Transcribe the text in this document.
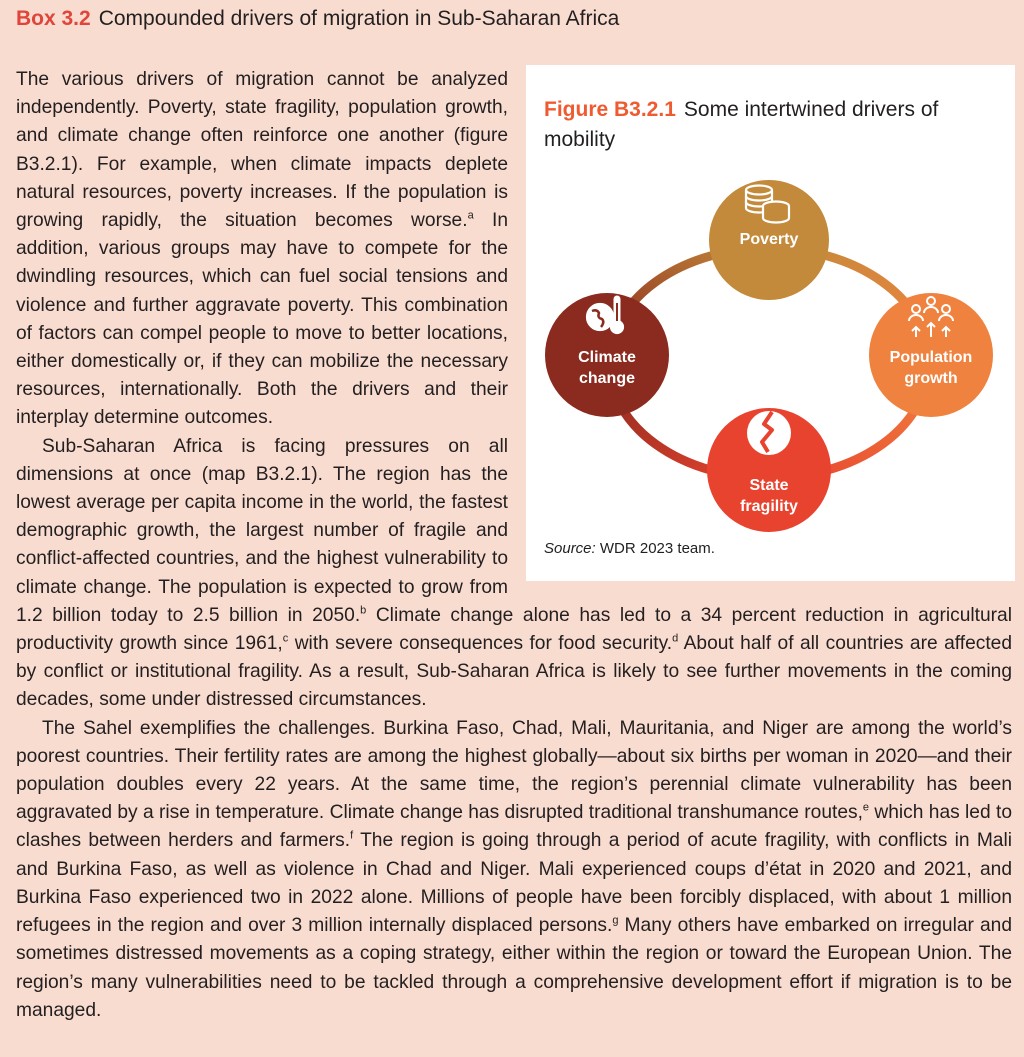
Box 3.2 Compounded drivers of migration in Sub-Saharan Africa
Figure B3.2.1 Some intertwined drivers of mobility
Poverty
Population
growth
State
fragility
Climate
change
Source: WDR 2023 team.

The various drivers of migration cannot be analyzed independently. Poverty, state fragility, population growth, and climate change often reinforce one another (figure B3.2.1). For example, when climate impacts deplete natural resources, poverty increases. If the population is growing rapidly, the situation becomes worse.$^a$ In addition, various groups may have to compete for the dwindling resources, which can fuel social tensions and violence and further aggravate poverty. This combination of factors can compel people to move to better locations, either domestically or, if they can mobilize the necessary resources, internationally. Both the drivers and their interplay determine outcomes.

Sub-Saharan Africa is facing pressures on all dimensions at once (map B3.2.1). The region has the lowest average per capita income in the world, the fastest demographic growth, the largest number of fragile and conflict-affected countries, and the highest vulnerability to climate change. The population is expected to grow from 1.2 billion today to 2.5 billion in 2050.$^b$ Climate change alone has led to a 34 percent reduction in agricultural productivity growth since 1961,$^c$ with severe consequences for food security.$^d$ About half of all countries are affected by conflict or institutional fragility. As a result, Sub-Saharan Africa is likely to see further movements in the coming decades, some under distressed circumstances.

The Sahel exemplifies the challenges. Burkina Faso, Chad, Mali, Mauritania, and Niger are among the world’s poorest countries. Their fertility rates are among the highest globally—about six births per woman in 2020—and their population doubles every 22 years. At the same time, the region’s perennial climate vulnerability has been aggravated by a rise in temperature. Climate change has disrupted traditional transhumance routes,$^e$ which has led to clashes between herders and farmers.$^f$ The region is going through a period of acute fragility, with conflicts in Mali and Burkina Faso, as well as violence in Chad and Niger. Mali experienced coups d’état in 2020 and 2021, and Burkina Faso experienced two in 2022 alone. Millions of people have been forcibly displaced, with about 1 million refugees in the region and over 3 million internally displaced persons.$^g$ Many others have embarked on irregular and sometimes distressed movements as a coping strategy, either within the region or toward the European Union. The region’s many vulnerabilities need to be tackled through a comprehensive development effort if migration is to be managed.
